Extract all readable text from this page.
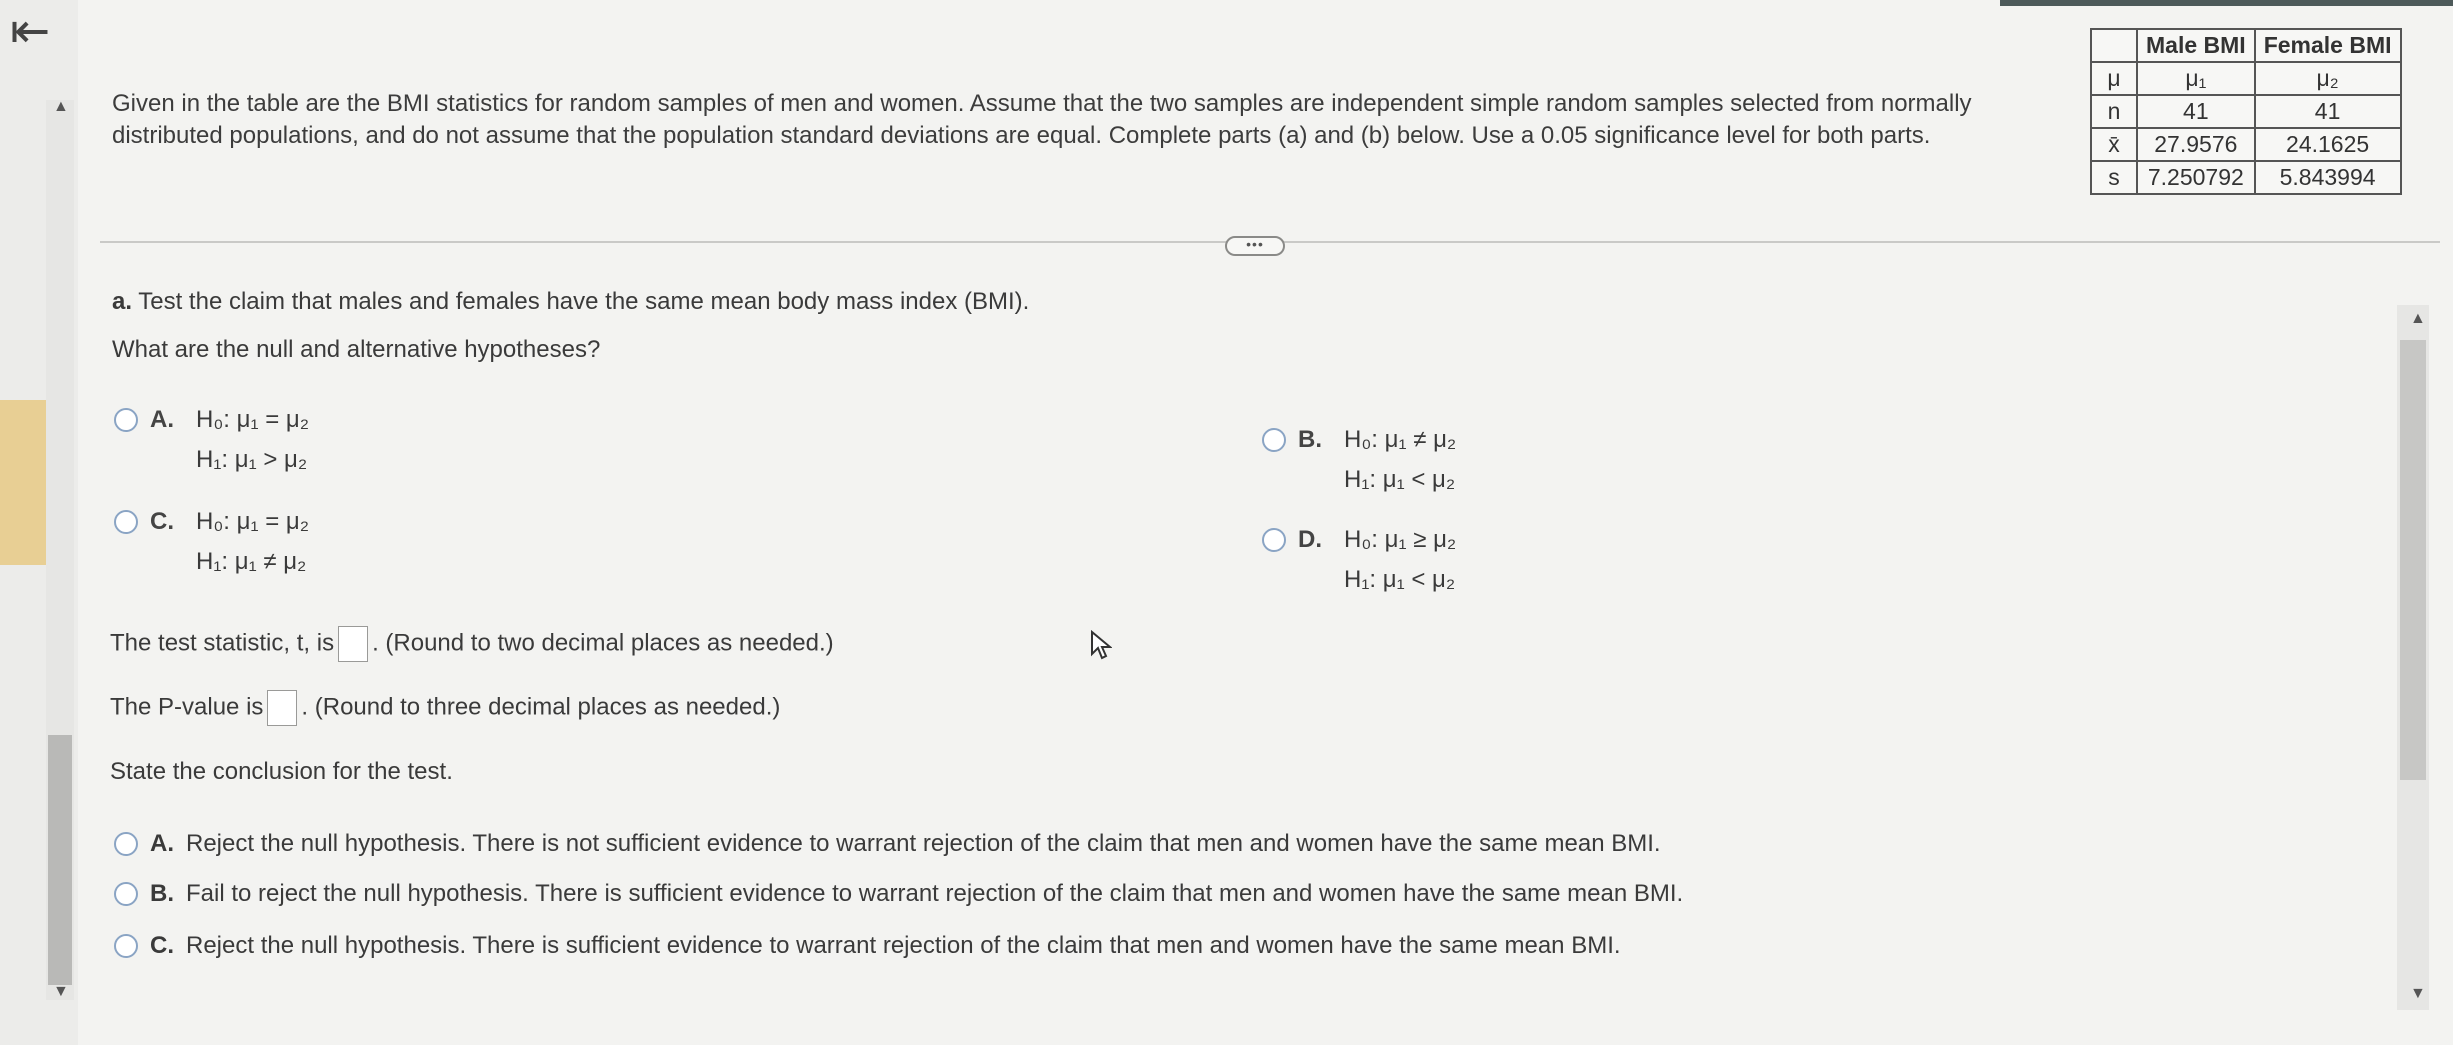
▲
▼
⇤
▲
▼
Given in the table are the BMI statistics for random samples of men and women. Assume that the two samples are independent simple random samples selected from normally distributed populations, and do not assume that the population standard deviations are equal. Complete parts (a) and (b) below. Use a 0.05 significance level for both parts.
	Male BMI	Female BMI
μ	μ₁	μ₂
n	41	41
x̄	27.9576	24.1625
s	7.250792	5.843994
•••
a. Test the claim that males and females have the same mean body mass index (BMI).
What are the null and alternative hypotheses?
A. H₀: μ₁ = μ₂
H₁: μ₁ > μ₂
B. H₀: μ₁ ≠ μ₂
H₁: μ₁ < μ₂
C. H₀: μ₁ = μ₂
H₁: μ₁ ≠ μ₂
D. H₀: μ₁ ≥ μ₂
H₁: μ₁ < μ₂
The test statistic, t, is . (Round to two decimal places as needed.)
The P-value is . (Round to three decimal places as needed.)
State the conclusion for the test.
A. Reject the null hypothesis. There is not sufficient evidence to warrant rejection of the claim that men and women have the same mean BMI.
B. Fail to reject the null hypothesis. There is sufficient evidence to warrant rejection of the claim that men and women have the same mean BMI.
C. Reject the null hypothesis. There is sufficient evidence to warrant rejection of the claim that men and women have the same mean BMI.
